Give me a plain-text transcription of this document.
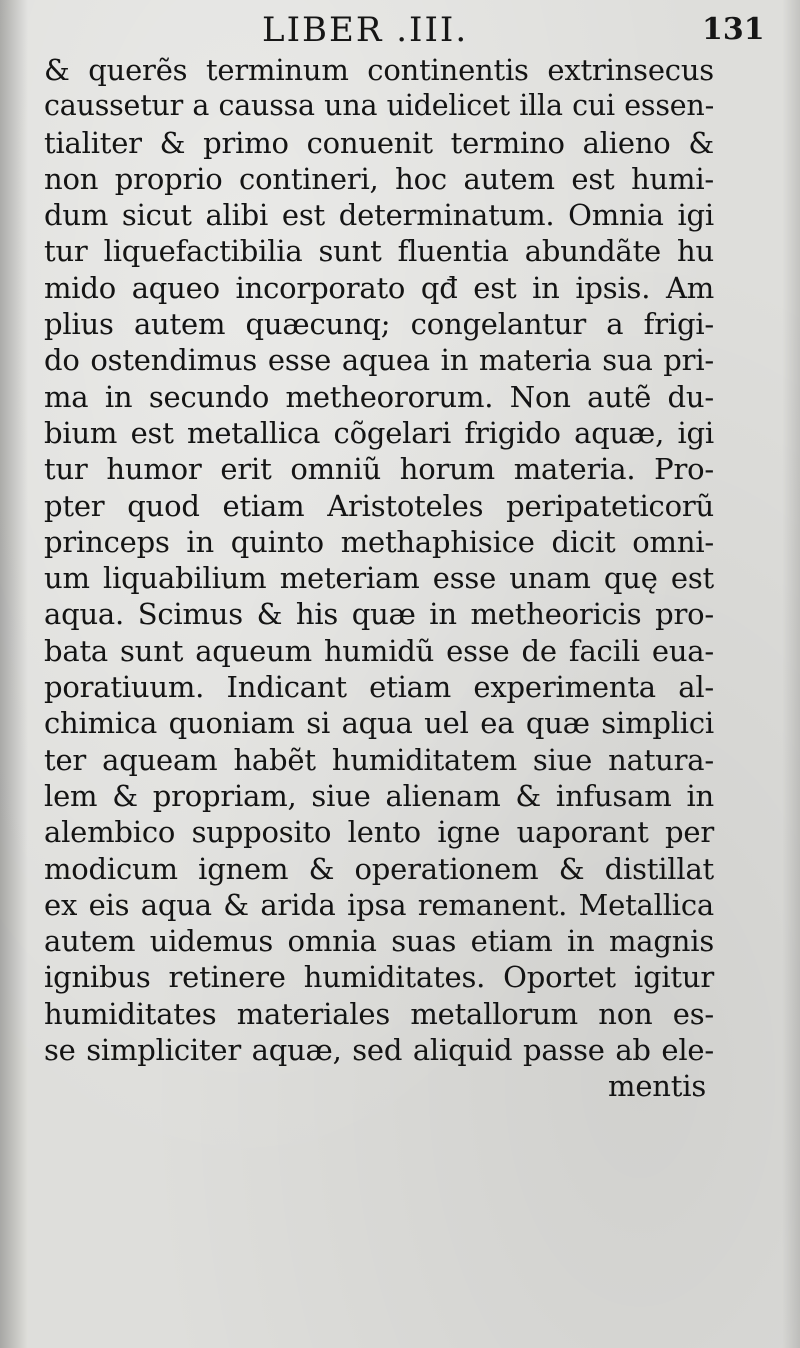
LIBER .III.	131
& querẽs terminum continentis extrinsecus
caussetur a caussa una uidelicet illa cui essen-
tialiter & primo conuenit termino alieno &
non proprio contineri, hoc autem est humi-
dum sicut alibi est determinatum. Omnia igi
tur liquefactibilia sunt fluentia abundãte hu
mido aqueo incorporato qđ est in ipsis. Am
plius autem quæcunq; congelantur a frigi-
do ostendimus esse aquea in materia sua pri-
ma in secundo metheororum. Non autẽ du-
bium est metallica cõgelari frigido aquæ, igi
tur humor erit omniũ horum materia. Pro-
pter quod etiam Aristoteles peripateticorũ
princeps in quinto methaphisice dicit omni-
um liquabilium meteriam esse unam quę est
aqua. Scimus & his quæ in metheoricis pro-
bata sunt aqueum humidũ esse de facili eua-
poratiuum. Indicant etiam experimenta al-
chimica quoniam si aqua uel ea quæ simplici
ter aqueam habẽt humiditatem siue natura-
lem & propriam, siue alienam & infusam in
alembico supposito lento igne uaporant per
modicum ignem & operationem & distillat
ex eis aqua & arida ipsa remanent. Metallica
autem uidemus omnia suas etiam in magnis
ignibus retinere humiditates. Oportet igitur
humiditates materiales metallorum non es-
se simpliciter aquæ, sed aliquid passe ab ele-
mentis
